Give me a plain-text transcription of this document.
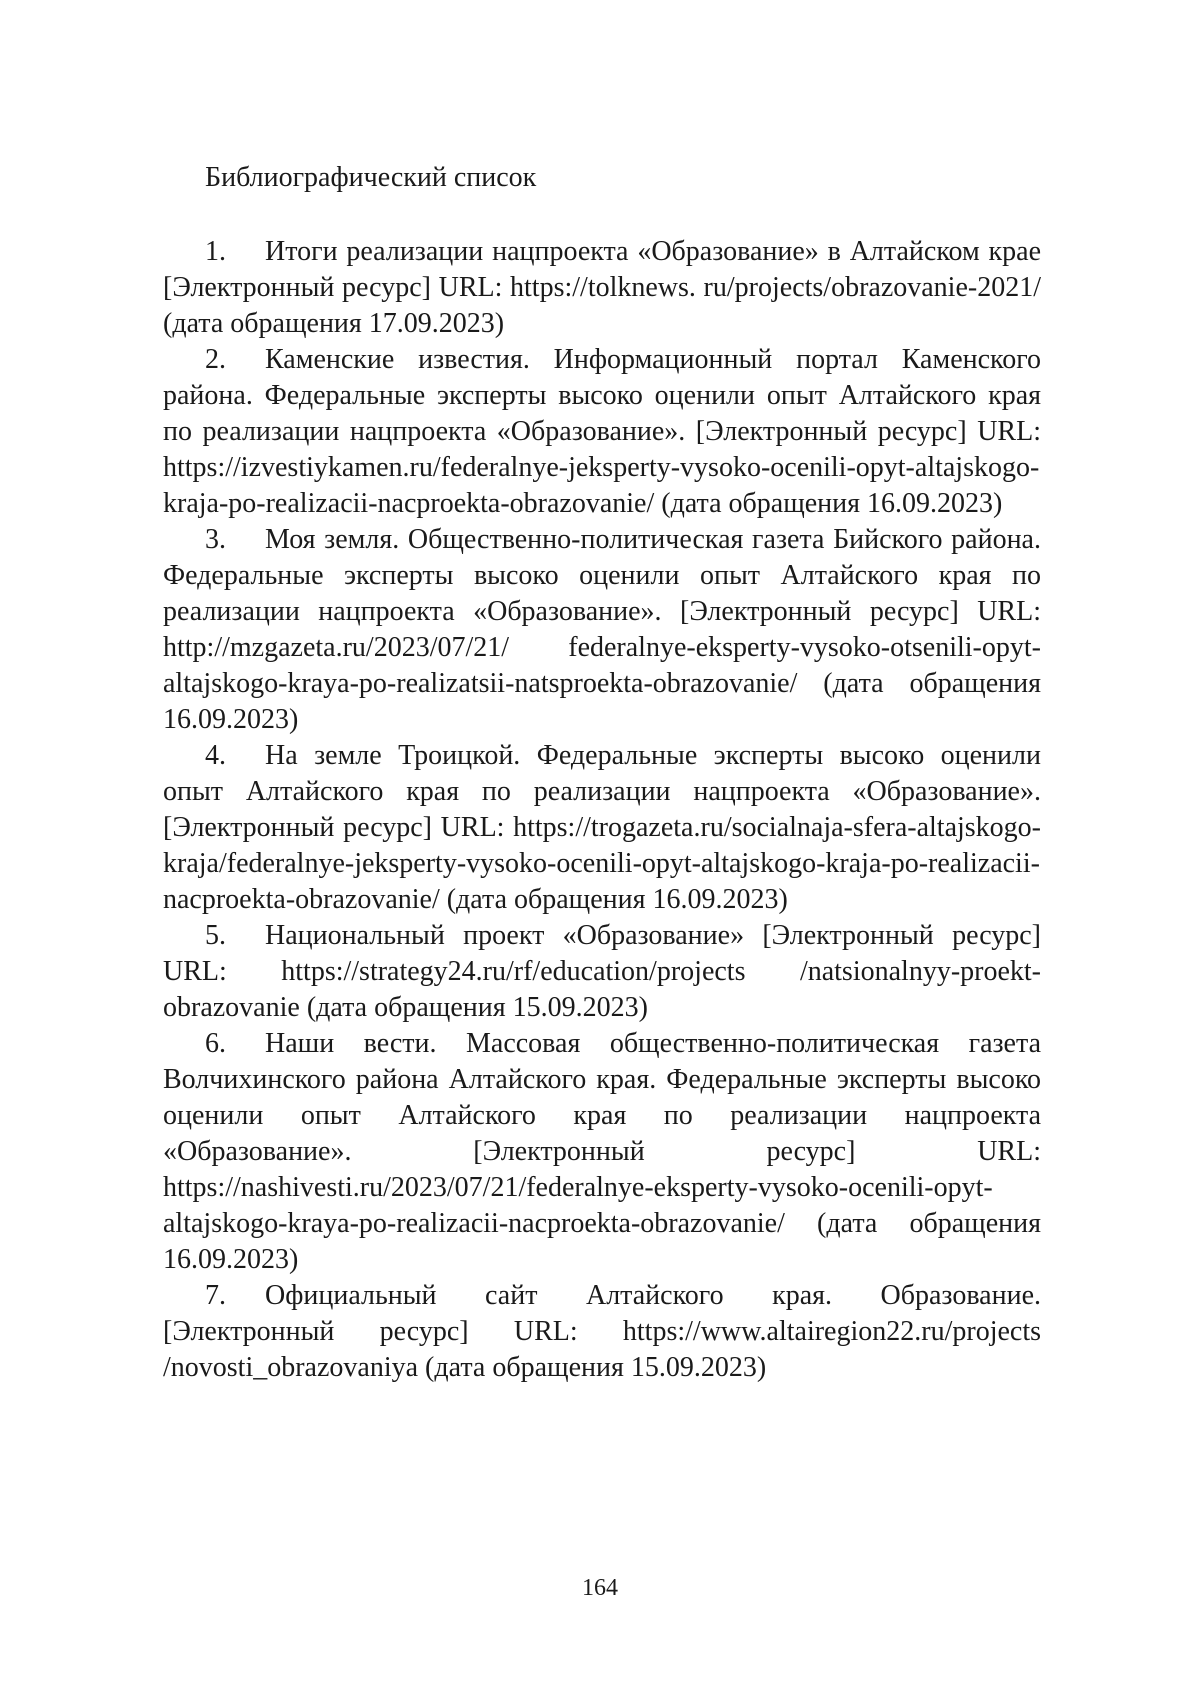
Библиографический список

1. Итоги реализации нацпроекта «Образование» в Алтайском крае [Электронный ресурс] URL: https://tolknews. ru/projects/obrazovanie-2021/ (дата обращения 17.09.2023)

2. Каменские известия. Информационный портал Каменского района. Федеральные эксперты высоко оценили опыт Алтайского края по реализации нацпроекта «Образование». [Электронный ресурс] URL: https://izvestiykamen.ru/federalnye-jeksperty-vysoko-ocenili-opyt-altajskogo-kraja-po-realizacii-nacproekta-obrazovanie/ (дата обращения 16.09.2023)

3. Моя земля. Общественно-политическая газета Бийского района. Федеральные эксперты высоко оценили опыт Алтайского края по реализации нацпроекта «Образование». [Электронный ресурс] URL: http://mzgazeta.ru/2023/07/21/ federalnye-eksperty-vysoko-otsenili-opyt-altajskogo-kraya-po-realizatsii-natsproekta-obrazovanie/ (дата обращения 16.09.2023)

4. На земле Троицкой. Федеральные эксперты высоко оценили опыт Алтайского края по реализации нацпроекта «Образование». [Электронный ресурс] URL: https://trogazeta.ru/socialnaja-sfera-altajskogo-kraja/federalnye-jeksperty-vysoko-ocenili-opyt-altajskogo-kraja-po-realizacii-nacproekta-obrazovanie/ (дата обращения 16.09.2023)

5. Национальный проект «Образование» [Электронный ресурс] URL: https://strategy24.ru/rf/education/projects /natsionalnyy-proekt-obrazovanie (дата обращения 15.09.2023)

6. Наши вести. Массовая общественно-политическая газета Волчихинского района Алтайского края. Федеральные эксперты высоко оценили опыт Алтайского края по реализации нацпроекта «Образование». [Электронный ресурс] URL: https://nashivesti.ru/2023/07/21/federalnye-eksperty-vysoko-ocenili-opyt-altajskogo-kraya-po-realizacii-nacproekta-obrazovanie/ (дата обращения 16.09.2023)

7. Официальный сайт Алтайского края. Образование. [Электронный ресурс] URL: https://www.altairegion22.ru/projects /novosti_obrazovaniya (дата обращения 15.09.2023)

164
